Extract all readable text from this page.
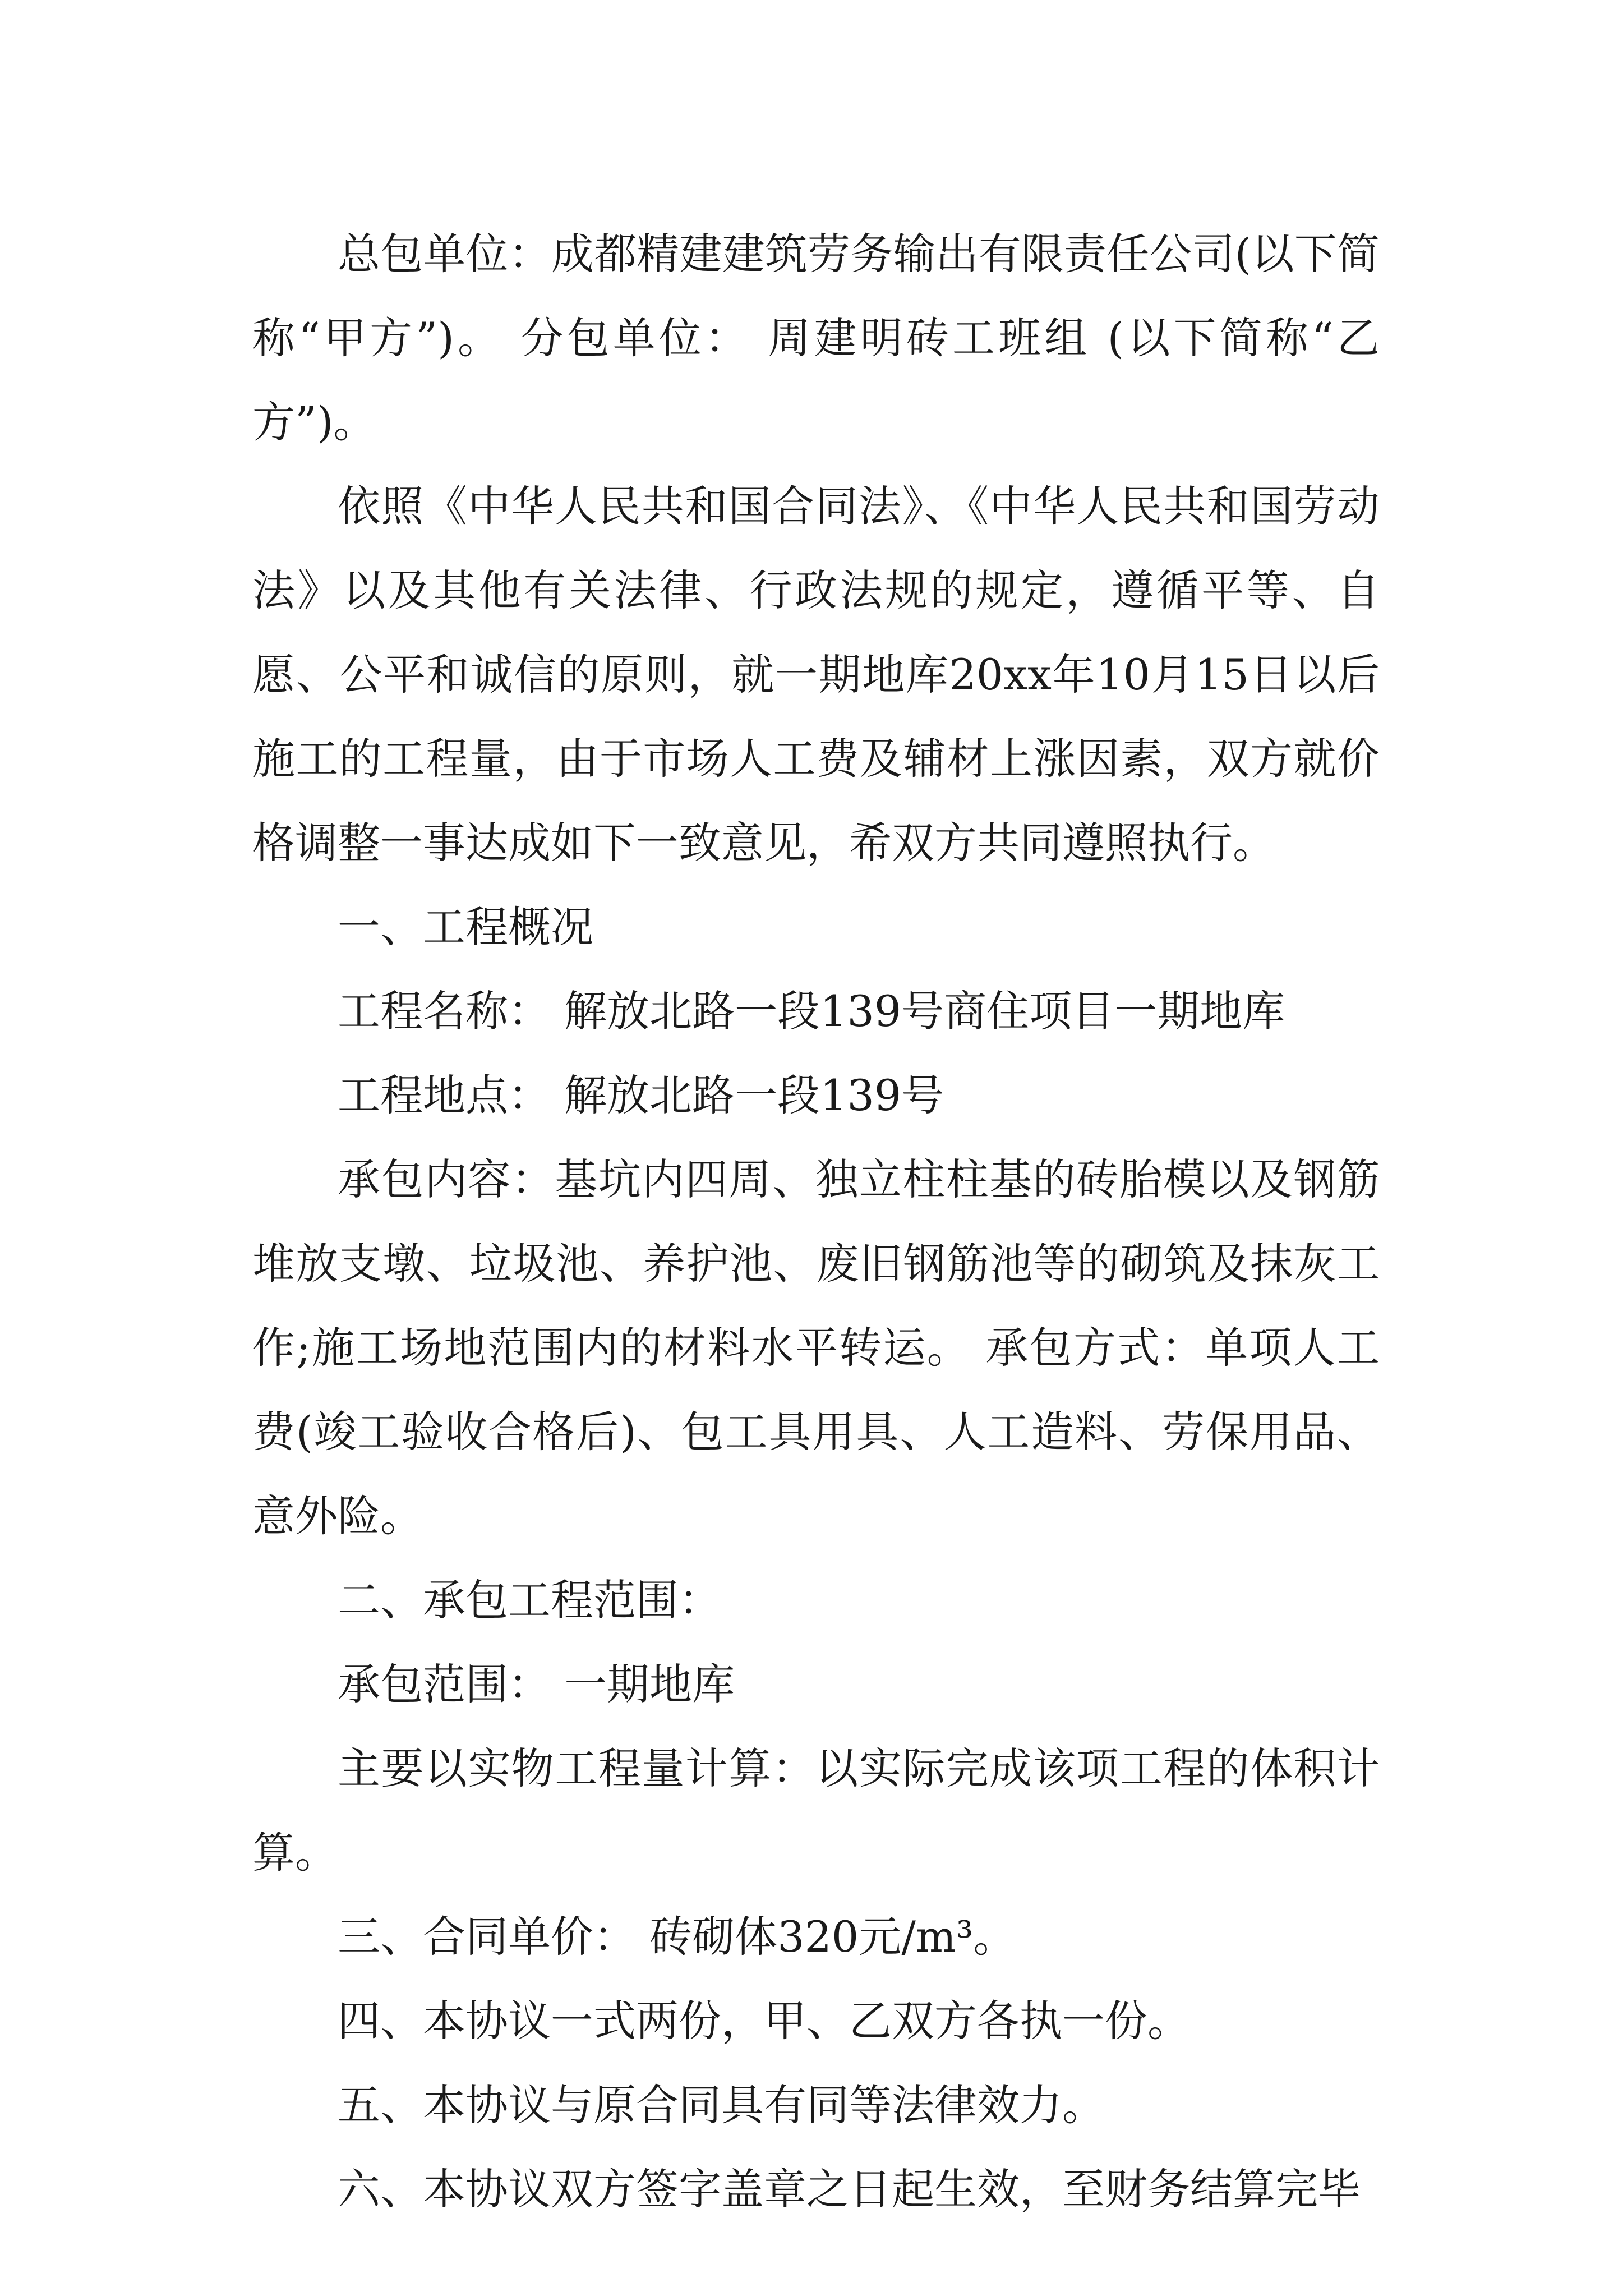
总包单位：成都精建建筑劳务输出有限责任公司(以下简称“甲方”)。 分包单位： 周建明砖工班组 (以下简称“乙方”)。

依照《中华人民共和国合同法》、《中华人民共和国劳动法》以及其他有关法律、行政法规的规定，遵循平等、自愿、公平和诚信的原则，就一期地库20xx年10月15日以后施工的工程量，由于市场人工费及辅材上涨因素，双方就价格调整一事达成如下一致意见，希双方共同遵照执行。

一、工程概况

工程名称： 解放北路一段139号商住项目一期地库

工程地点： 解放北路一段139号

承包内容：基坑内四周、独立柱柱基的砖胎模以及钢筋堆放支墩、垃圾池、养护池、废旧钢筋池等的砌筑及抹灰工作;施工场地范围内的材料水平转运。 承包方式：单项人工费(竣工验收合格后)、包工具用具、人工造料、劳保用品、意外险。

二、承包工程范围：

承包范围： 一期地库

主要以实物工程量计算：以实际完成该项工程的体积计算。

三、合同单价： 砖砌体320元/m³。

四、本协议一式两份，甲、乙双方各执一份。

五、本协议与原合同具有同等法律效力。

六、本协议双方签字盖章之日起生效，至财务结算完毕
